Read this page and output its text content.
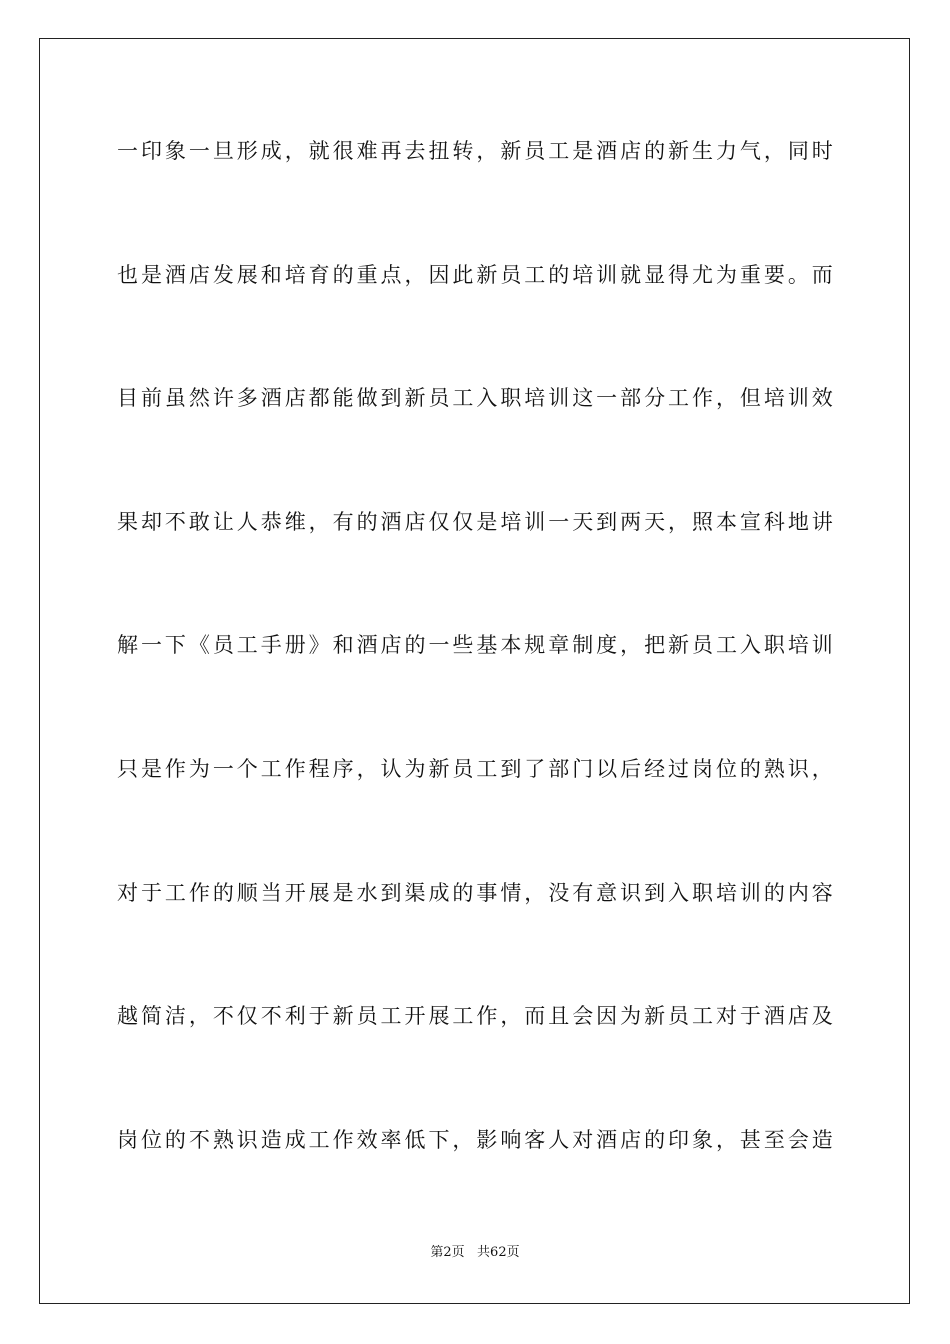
一印象一旦形成，就很难再去扭转，新员工是酒店的新生力气，同时
也是酒店发展和培育的重点，因此新员工的培训就显得尤为重要。而
目前虽然许多酒店都能做到新员工入职培训这一部分工作，但培训效
果却不敢让人恭维，有的酒店仅仅是培训一天到两天，照本宣科地讲
解一下《员工手册》和酒店的一些基本规章制度，把新员工入职培训
只是作为一个工作程序，认为新员工到了部门以后经过岗位的熟识，
对于工作的顺当开展是水到渠成的事情，没有意识到入职培训的内容
越简洁，不仅不利于新员工开展工作，而且会因为新员工对于酒店及
岗位的不熟识造成工作效率低下，影响客人对酒店的印象，甚至会造
第2页   共62页
